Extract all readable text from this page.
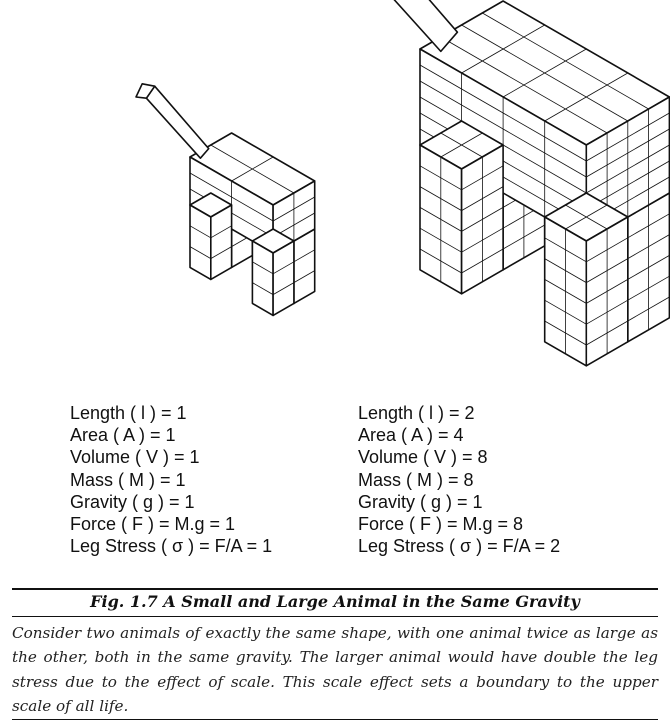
Length ( l ) = 1
Area ( A ) = 1
Volume ( V ) = 1
Mass ( M ) = 1
Gravity ( g ) = 1
Force ( F ) = M.g = 1
Leg Stress ( σ ) = F/A = 1
Length ( l ) = 2
Area ( A ) = 4
Volume ( V ) = 8
Mass ( M ) = 8
Gravity ( g ) = 1
Force ( F ) = M.g = 8
Leg Stress ( σ ) = F/A = 2
Fig. 1.7 A Small and Large Animal in the Same Gravity
Consider two animals of exactly the same shape, with one animal twice as large as the other, both in the same gravity. The larger animal would have double the leg stress due to the effect of scale. This scale effect sets a boundary to the upper scale of all life.
